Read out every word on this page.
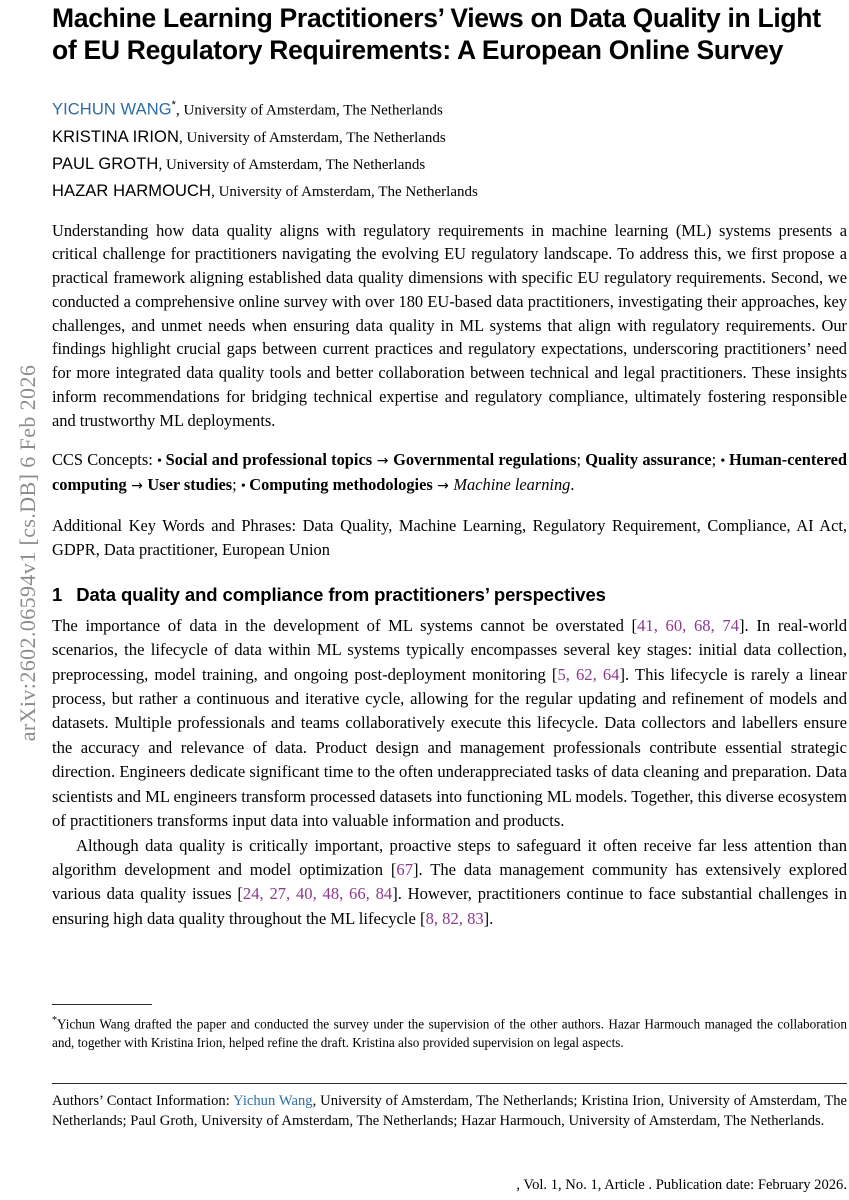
arXiv:2602.06594v1 [cs.DB] 6 Feb 2026
Machine Learning Practitioners’ Views on Data Quality in Light of EU Regulatory Requirements: A European Online Survey
YICHUN WANG*, University of Amsterdam, The Netherlands
KRISTINA IRION, University of Amsterdam, The Netherlands
PAUL GROTH, University of Amsterdam, The Netherlands
HAZAR HARMOUCH, University of Amsterdam, The Netherlands
Understanding how data quality aligns with regulatory requirements in machine learning (ML) systems presents a critical challenge for practitioners navigating the evolving EU regulatory landscape. To address this, we first propose a practical framework aligning established data quality dimensions with specific EU regulatory requirements. Second, we conducted a comprehensive online survey with over 180 EU-based data practitioners, investigating their approaches, key challenges, and unmet needs when ensuring data quality in ML systems that align with regulatory requirements. Our findings highlight crucial gaps between current practices and regulatory expectations, underscoring practitioners’ need for more integrated data quality tools and better collaboration between technical and legal practitioners. These insights inform recommendations for bridging technical expertise and regulatory compliance, ultimately fostering responsible and trustworthy ML deployments.
CCS Concepts: • Social and professional topics → Governmental regulations; Quality assurance; • Human-centered computing → User studies; • Computing methodologies → Machine learning.
Additional Key Words and Phrases: Data Quality, Machine Learning, Regulatory Requirement, Compliance, AI Act, GDPR, Data practitioner, European Union
1 Data quality and compliance from practitioners’ perspectives
The importance of data in the development of ML systems cannot be overstated [41, 60, 68, 74]. In real-world scenarios, the lifecycle of data within ML systems typically encompasses several key stages: initial data collection, preprocessing, model training, and ongoing post-deployment monitoring [5, 62, 64]. This lifecycle is rarely a linear process, but rather a continuous and iterative cycle, allowing for the regular updating and refinement of models and datasets. Multiple professionals and teams collaboratively execute this lifecycle. Data collectors and labellers ensure the accuracy and relevance of data. Product design and management professionals contribute essential strategic direction. Engineers dedicate significant time to the often underappreciated tasks of data cleaning and preparation. Data scientists and ML engineers transform processed datasets into functioning ML models. Together, this diverse ecosystem of practitioners transforms input data into valuable information and products.
Although data quality is critically important, proactive steps to safeguard it often receive far less attention than algorithm development and model optimization [67]. The data management community has extensively explored various data quality issues [24, 27, 40, 48, 66, 84]. However, practitioners continue to face substantial challenges in ensuring high data quality throughout the ML lifecycle [8, 82, 83].
*Yichun Wang drafted the paper and conducted the survey under the supervision of the other authors. Hazar Harmouch managed the collaboration and, together with Kristina Irion, helped refine the draft. Kristina also provided supervision on legal aspects.
Authors’ Contact Information: Yichun Wang, University of Amsterdam, The Netherlands; Kristina Irion, University of Amsterdam, The Netherlands; Paul Groth, University of Amsterdam, The Netherlands; Hazar Harmouch, University of Amsterdam, The Netherlands.
, Vol. 1, No. 1, Article . Publication date: February 2026.
